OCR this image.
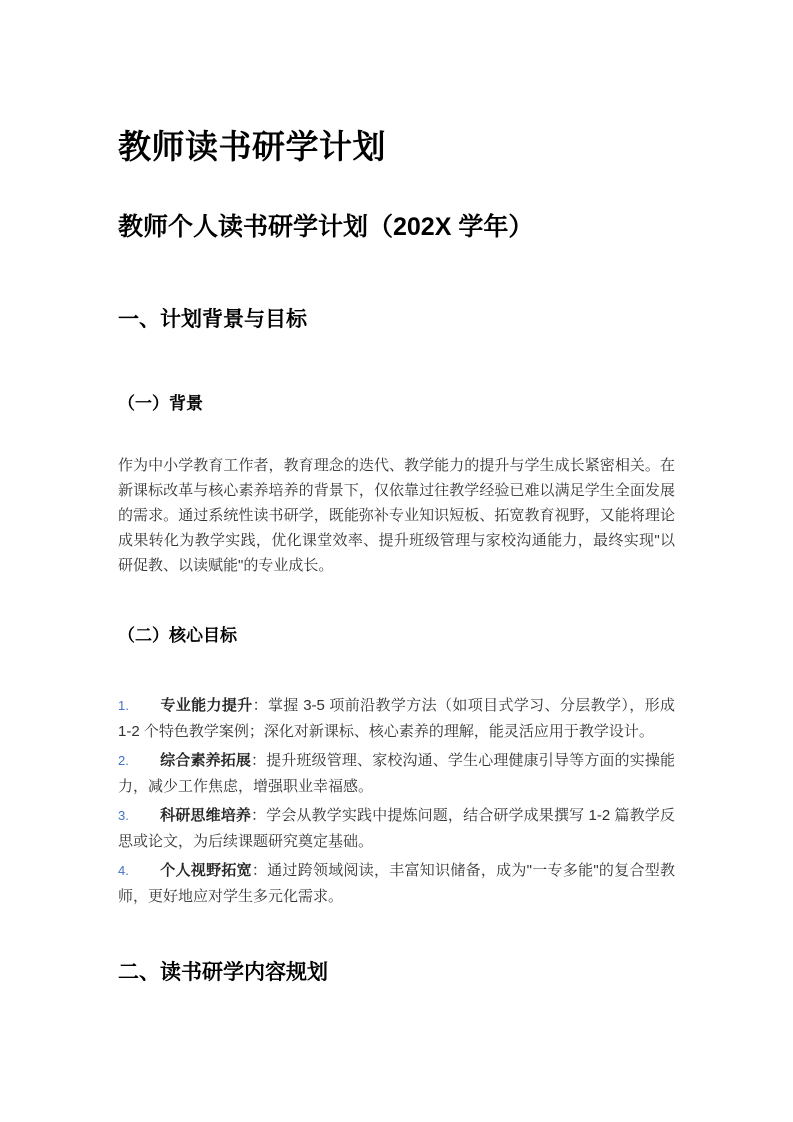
教师读书研学计划
教师个人读书研学计划（202X 学年）
一、计划背景与目标
（一）背景

作为中小学教育工作者，教育理念的迭代、教学能力的提升与学生成长紧密相关。在新课标改革与核心素养培养的背景下，仅依靠过往教学经验已难以满足学生全面发展的需求。通过系统性读书研学，既能弥补专业知识短板、拓宽教育视野，又能将理论成果转化为教学实践，优化课堂效率、提升班级管理与家校沟通能力，最终实现"以研促教、以读赋能"的专业成长。

（二）核心目标
1. 专业能力提升：掌握 3-5 项前沿教学方法（如项目式学习、分层教学），形成 1-2 个特色教学案例；深化对新课标、核心素养的理解，能灵活应用于教学设计。
2. 综合素养拓展：提升班级管理、家校沟通、学生心理健康引导等方面的实操能力，减少工作焦虑，增强职业幸福感。
3. 科研思维培养：学会从教学实践中提炼问题，结合研学成果撰写 1-2 篇教学反思或论文，为后续课题研究奠定基础。
4. 个人视野拓宽：通过跨领域阅读，丰富知识储备，成为"一专多能"的复合型教师，更好地应对学生多元化需求。
二、读书研学内容规划
